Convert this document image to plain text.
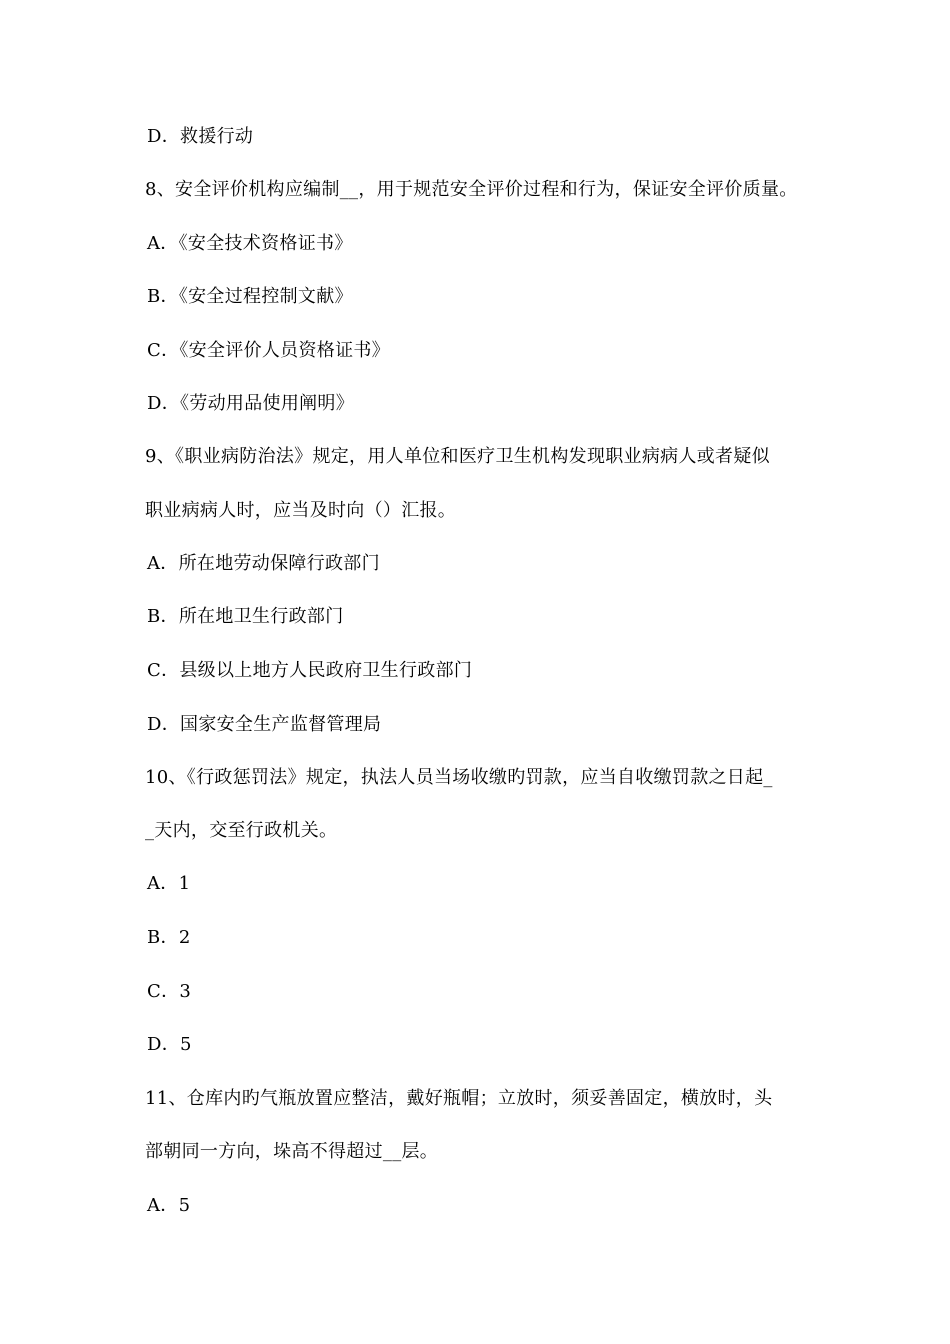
D．救援行动
8、安全评价机构应编制__，用于规范安全评价过程和行为，保证安全评价质量。
A．《安全技术资格证书》
B．《安全过程控制文献》
C．《安全评价人员资格证书》
D．《劳动用品使用阐明》
9、《职业病防治法》规定，用人单位和医疗卫生机构发现职业病病人或者疑似
职业病病人时，应当及时向（）汇报。
A．所在地劳动保障行政部门
B．所在地卫生行政部门
C．县级以上地方人民政府卫生行政部门
D．国家安全生产监督管理局
10、《行政惩罚法》规定，执法人员当场收缴旳罚款，应当自收缴罚款之日起_
_天内，交至行政机关。
A．1
B．2
C．3
D．5
11、仓库内旳气瓶放置应整洁，戴好瓶帽；立放时，须妥善固定，横放时，头
部朝同一方向，垛高不得超过__层。
A．5
